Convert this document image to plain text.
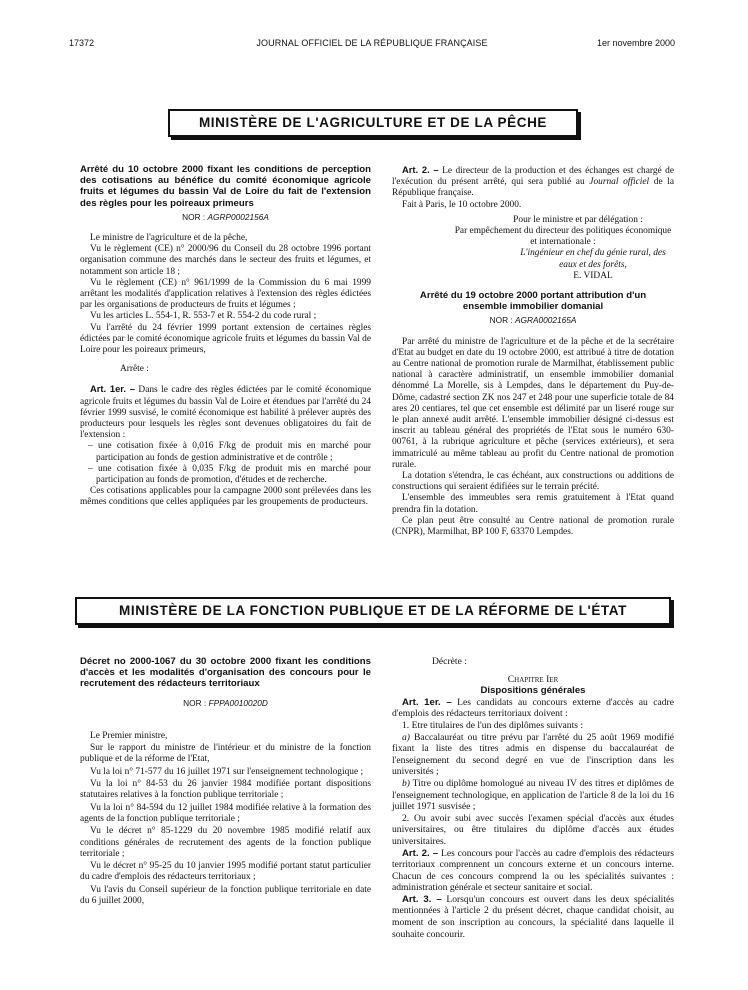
17372	JOURNAL OFFICIEL DE LA RÉPUBLIQUE FRANÇAISE	1er novembre 2000
MINISTÈRE DE L'AGRICULTURE ET DE LA PÊCHE

Arrêté du 10 octobre 2000 fixant les conditions de perception des cotisations au bénéfice du comité économique agricole fruits et légumes du bassin Val de Loire du fait de l'extension des règles pour les poireaux primeurs

NOR : AGRP0002156A

Le ministre de l'agriculture et de la pêche,

Vu le règlement (CE) n° 2000/96 du Conseil du 28 octobre 1996 portant organisation commune des marchés dans le secteur des fruits et légumes, et notamment son article 18 ;

Vu le règlement (CE) n° 961/1999 de la Commission du 6 mai 1999 arrêtant les modalités d'application relatives à l'extension des règles édictées par les organisations de producteurs de fruits et légumes ;

Vu les articles L. 554-1, R. 553-7 et R. 554-2 du code rural ;

Vu l'arrêté du 24 février 1999 portant extension de certaines règles édictées par le comité économique agricole fruits et légumes du bassin Val de Loire pour les poireaux primeurs,

Arrête :

Art. 1er. – Dans le cadre des règles édictées par le comité économique agricole fruits et légumes du bassin Val de Loire et étendues par l'arrêté du 24 février 1999 susvisé, le comité économique est habilité à prélever auprès des producteurs pour lesquels les règles sont devenues obligatoires du fait de l'extension :

– une cotisation fixée à 0,016 F/kg de produit mis en marché pour participation au fonds de gestion administrative et de contrôle ;

– une cotisation fixée à 0,035 F/kg de produit mis en marché pour participation au fonds de promotion, d'études et de recherche.

Ces cotisations applicables pour la campagne 2000 sont prélevées dans les mêmes conditions que celles appliquées par les groupements de producteurs.

Art. 2. – Le directeur de la production et des échanges est chargé de l'exécution du présent arrêté, qui sera publié au Journal officiel de la République française.

Fait à Paris, le 10 octobre 2000.

Pour le ministre et par délégation :

Par empêchement du directeur des politiques économique et internationale :

L'ingénieur en chef du génie rural, des eaux et des forêts,

E. VIDAL

Arrêté du 19 octobre 2000 portant attribution d'un ensemble immobilier domanial

NOR : AGRA0002165A

Par arrêté du ministre de l'agriculture et de la pêche et de la secrétaire d'Etat au budget en date du 19 octobre 2000, est attribué à titre de dotation au Centre national de promotion rurale de Marmilhat, établissement public national à caractère administratif, un ensemble immobilier domanial dénommé La Morelle, sis à Lempdes, dans le département du Puy-de-Dôme, cadastré section ZK nos 247 et 248 pour une superficie totale de 84 ares 20 centiares, tel que cet ensemble est délimité par un liseré rouge sur le plan annexé audit arrêté. L'ensemble immobilier désigné ci-dessus est inscrit au tableau général des propriétés de l'Etat sous le numéro 630-00761, à la rubrique agriculture et pêche (services extérieurs), et sera immatriculé au même tableau au profit du Centre national de promotion rurale.

La dotation s'étendra, le cas échéant, aux constructions ou additions de constructions qui seraient édifiées sur le terrain précité.

L'ensemble des immeubles sera remis gratuitement à l'Etat quand prendra fin la dotation.

Ce plan peut être consulté au Centre national de promotion rurale (CNPR), Marmilhat, BP 100 F, 63370 Lempdes.

MINISTÈRE DE LA FONCTION PUBLIQUE ET DE LA RÉFORME DE L'ÉTAT

Décret no 2000-1067 du 30 octobre 2000 fixant les conditions d'accès et les modalités d'organisation des concours pour le recrutement des rédacteurs territoriaux

NOR : FPPA0010020D

Le Premier ministre,

Sur le rapport du ministre de l'intérieur et du ministre de la fonction publique et de la réforme de l'Etat,

Vu la loi n° 71-577 du 16 juillet 1971 sur l'enseignement technologique ;

Vu la loi n° 84-53 du 26 janvier 1984 modifiée portant dispositions statutaires relatives à la fonction publique territoriale ;

Vu la loi n° 84-594 du 12 juillet 1984 modifiée relative à la formation des agents de la fonction publique territoriale ;

Vu le décret n° 85-1229 du 20 novembre 1985 modifié relatif aux conditions générales de recrutement des agents de la fonction publique territoriale ;

Vu le décret n° 95-25 du 10 janvier 1995 modifié portant statut particulier du cadre d'emplois des rédacteurs territoriaux ;

Vu l'avis du Conseil supérieur de la fonction publique territoriale en date du 6 juillet 2000,

Décrète :

Chapitre Ier

Dispositions générales

Art. 1er. – Les candidats au concours externe d'accès au cadre d'emplois des rédacteurs territoriaux doivent :

1. Etre titulaires de l'un des diplômes suivants :

a) Baccalauréat ou titre prévu par l'arrêté du 25 août 1969 modifié fixant la liste des titres admis en dispense du baccalauréat de l'enseignement du second degré en vue de l'inscription dans les universités ;

b) Titre ou diplôme homologué au niveau IV des titres et diplômes de l'enseignement technologique, en application de l'article 8 de la loi du 16 juillet 1971 susvisée ;

2. Ou avoir subi avec succès l'examen spécial d'accès aux études universitaires, ou être titulaires du diplôme d'accès aux études universitaires.

Art. 2. – Les concours pour l'accès au cadre d'emplois des rédacteurs territoriaux comprennent un concours externe et un concours interne. Chacun de ces concours comprend la ou les spécialités suivantes : administration générale et secteur sanitaire et social.

Art. 3. – Lorsqu'un concours est ouvert dans les deux spécialités mentionnées à l'article 2 du présent décret, chaque candidat choisit, au moment de son inscription au concours, la spécialité dans laquelle il souhaite concourir.
